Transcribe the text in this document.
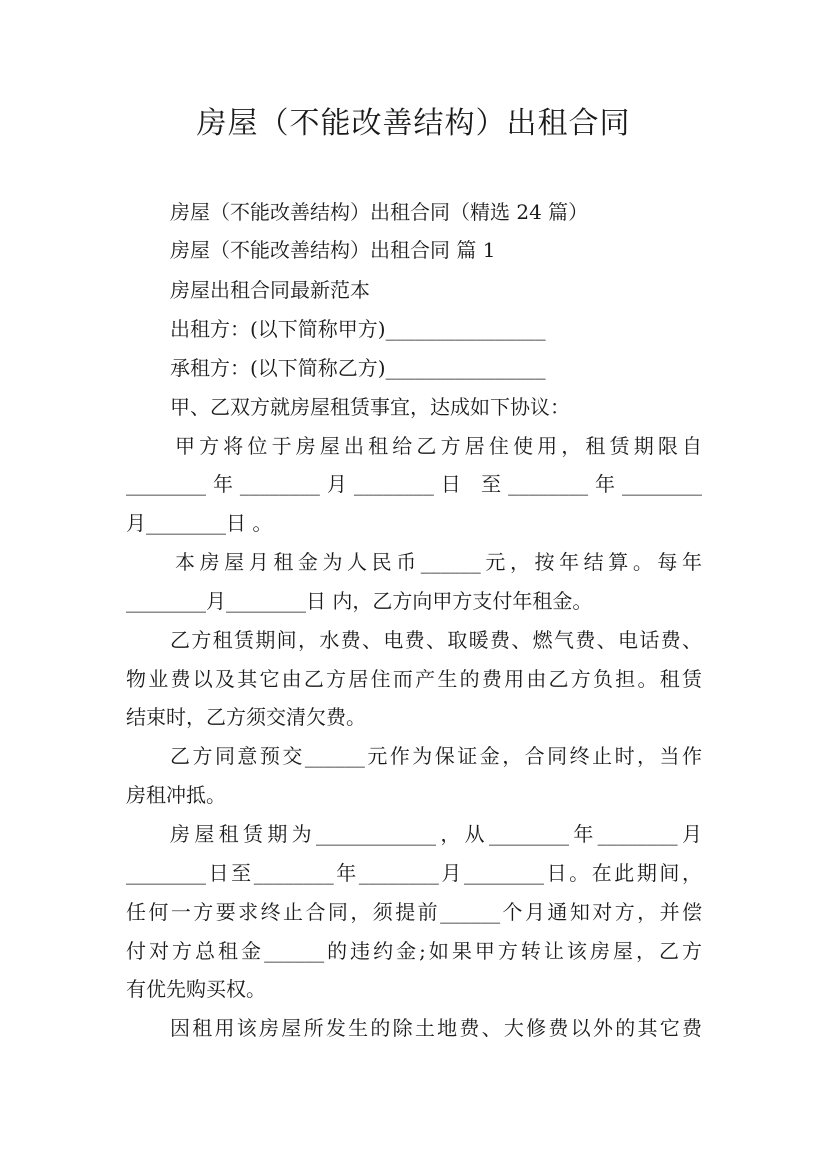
房屋（不能改善结构）出租合同
房屋（不能改善结构）出租合同（精选 24 篇）
房屋（不能改善结构）出租合同 篇 1
房屋出租合同最新范本
出租方：(以下简称甲方)________________
承租方：(以下简称乙方)________________
甲、乙双方就房屋租赁事宜，达成如下协议：
甲方将位于房屋出租给乙方居住使用，租赁期限自
________年________月________日 至________年________
月________日 。
本房屋月租金为人民币______元，按年结算。每年
________月________日 内，乙方向甲方支付年租金。
乙方租赁期间，水费、电费、取暖费、燃气费、电话费、
物业费以及其它由乙方居住而产生的费用由乙方负担。租赁
结束时，乙方须交清欠费。
乙方同意预交______元作为保证金，合同终止时，当作
房租冲抵。
房屋租赁期为____________，从________年________月
________日至________年________月________日。在此期间，
任何一方要求终止合同，须提前______个月通知对方，并偿
付对方总租金______的违约金;如果甲方转让该房屋，乙方
有优先购买权。
因租用该房屋所发生的除土地费、大修费以外的其它费
